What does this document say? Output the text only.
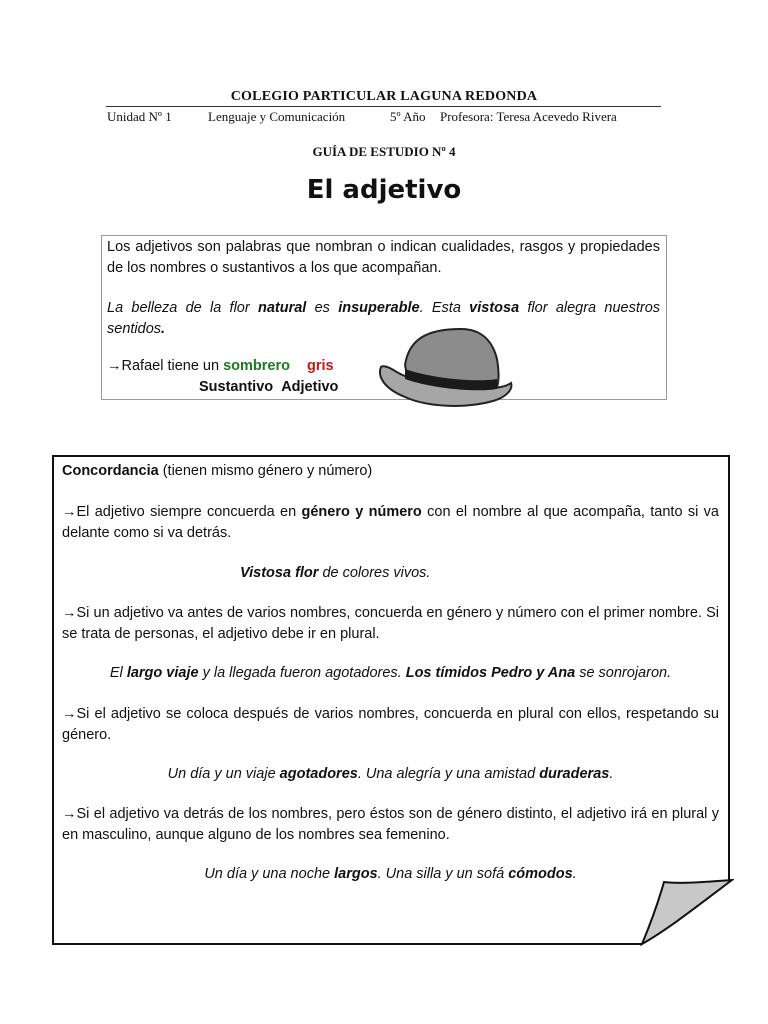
COLEGIO PARTICULAR LAGUNA REDONDA
Unidad Nº 1	Lenguaje y Comunicación	5º Año Profesora: Teresa Acevedo Rivera
GUÍA DE ESTUDIO Nº 4
El adjetivo
Los adjetivos son palabras que nombran o indican cualidades, rasgos y propiedades de los nombres o sustantivos a los que acompañan.
La belleza de la flor natural es insuperable. Esta vistosa flor alegra nuestros sentidos.
→Rafael tiene un sombrero gris
Sustantivo Adjetivo
Concordancia (tienen mismo género y número)
→El adjetivo siempre concuerda en género y número con el nombre al que acompaña, tanto si va delante como si va detrás.
Vistosa flor de colores vivos.
→Si un adjetivo va antes de varios nombres, concuerda en género y número con el primer nombre. Si se trata de personas, el adjetivo debe ir en plural.
El largo viaje y la llegada fueron agotadores. Los tímidos Pedro y Ana se sonrojaron.
→Si el adjetivo se coloca después de varios nombres, concuerda en plural con ellos, respetando su género.
Un día y un viaje agotadores. Una alegría y una amistad duraderas.
→Si el adjetivo va detrás de los nombres, pero éstos son de género distinto, el adjetivo irá en plural y en masculino, aunque alguno de los nombres sea femenino.
Un día y una noche largos. Una silla y un sofá cómodos.
